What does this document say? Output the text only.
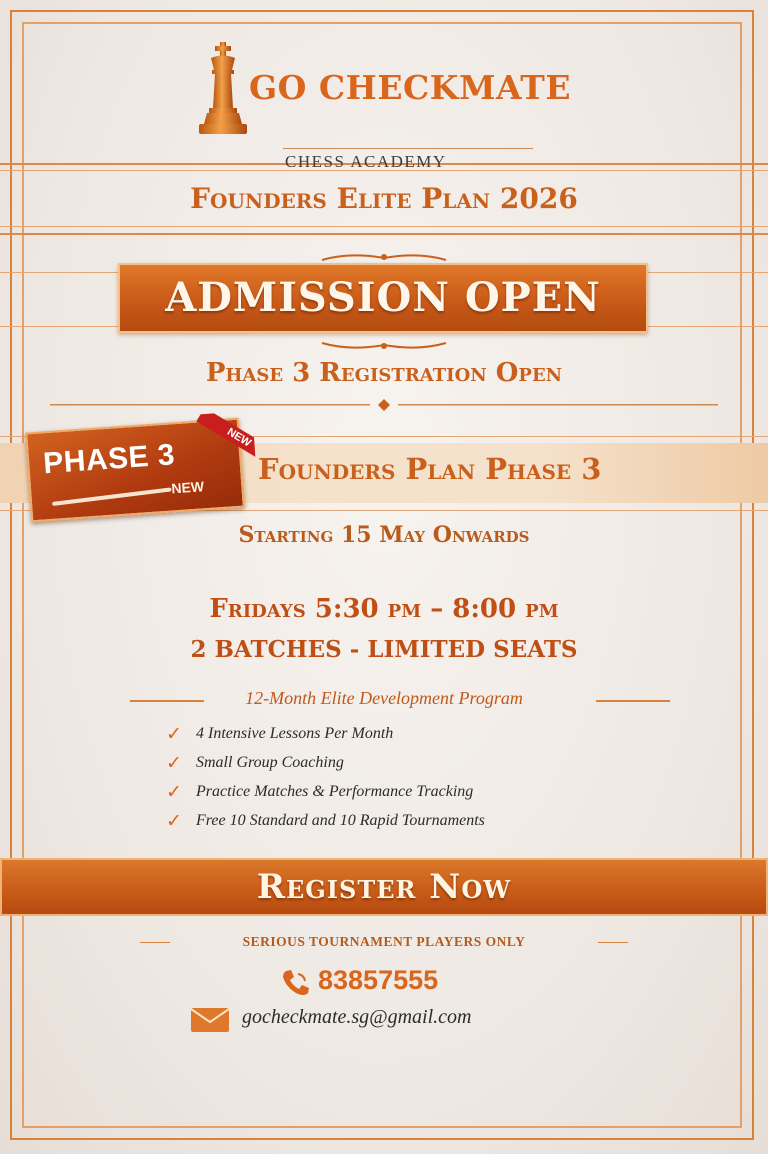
GO CHECKMATE
CHESS ACADEMY
Founders Elite Plan 2026
ADMISSION OPEN
Phase 3 Registration Open
PHASE 3
NEW
NEW
Founders Plan Phase 3
Starting 15 May Onwards
Fridays 5:30 pm – 8:00 pm
2 BATCHES - LIMITED SEATS
12-Month Elite Development Program
✓ 4 Intensive Lessons Per Month
✓ Small Group Coaching
✓ Practice Matches & Performance Tracking
✓ Free 10 Standard and 10 Rapid Tournaments
Register Now
SERIOUS TOURNAMENT PLAYERS ONLY
83857555
gocheckmate.sg@gmail.com
